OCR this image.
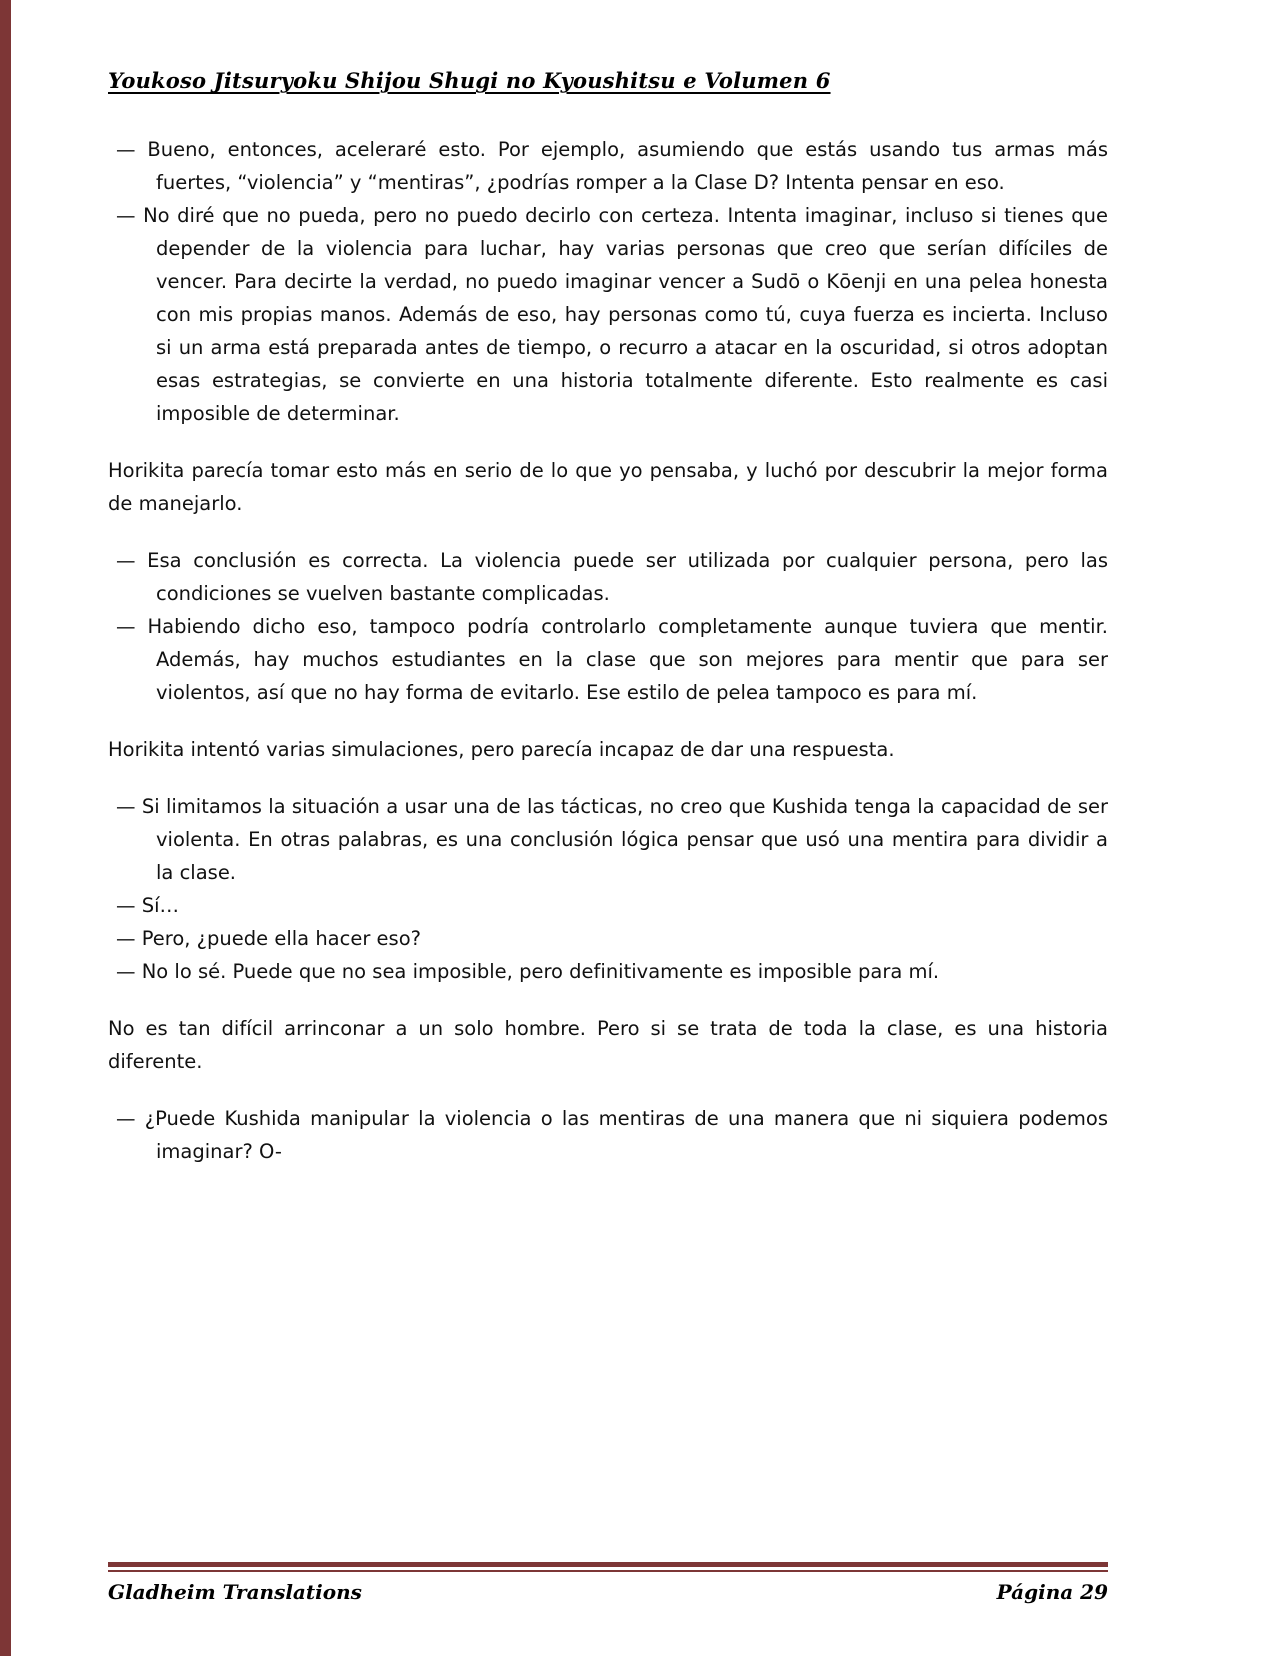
Youkoso Jitsuryoku Shijou Shugi no Kyoushitsu e Volumen 6

— Bueno, entonces, aceleraré esto. Por ejemplo, asumiendo que estás usando tus armas más fuertes, “violencia” y “mentiras”, ¿podrías romper a la Clase D? Intenta pensar en eso.

— No diré que no pueda, pero no puedo decirlo con certeza. Intenta imaginar, incluso si tienes que depender de la violencia para luchar, hay varias personas que creo que serían difíciles de vencer. Para decirte la verdad, no puedo imaginar vencer a Sudō o Kōenji en una pelea honesta con mis propias manos. Además de eso, hay personas como tú, cuya fuerza es incierta. Incluso si un arma está preparada antes de tiempo, o recurro a atacar en la oscuridad, si otros adoptan esas estrategias, se convierte en una historia totalmente diferente. Esto realmente es casi imposible de determinar.

Horikita parecía tomar esto más en serio de lo que yo pensaba, y luchó por descubrir la mejor forma de manejarlo.

— Esa conclusión es correcta. La violencia puede ser utilizada por cualquier persona, pero las condiciones se vuelven bastante complicadas.

— Habiendo dicho eso, tampoco podría controlarlo completamente aunque tuviera que mentir. Además, hay muchos estudiantes en la clase que son mejores para mentir que para ser violentos, así que no hay forma de evitarlo. Ese estilo de pelea tampoco es para mí.

Horikita intentó varias simulaciones, pero parecía incapaz de dar una respuesta.

— Si limitamos la situación a usar una de las tácticas, no creo que Kushida tenga la capacidad de ser violenta. En otras palabras, es una conclusión lógica pensar que usó una mentira para dividir a la clase.

— Sí…

— Pero, ¿puede ella hacer eso?

— No lo sé. Puede que no sea imposible, pero definitivamente es imposible para mí.

No es tan difícil arrinconar a un solo hombre. Pero si se trata de toda la clase, es una historia diferente.

— ¿Puede Kushida manipular la violencia o las mentiras de una manera que ni siquiera podemos imaginar? O-

Gladheim Translations	Página 29
